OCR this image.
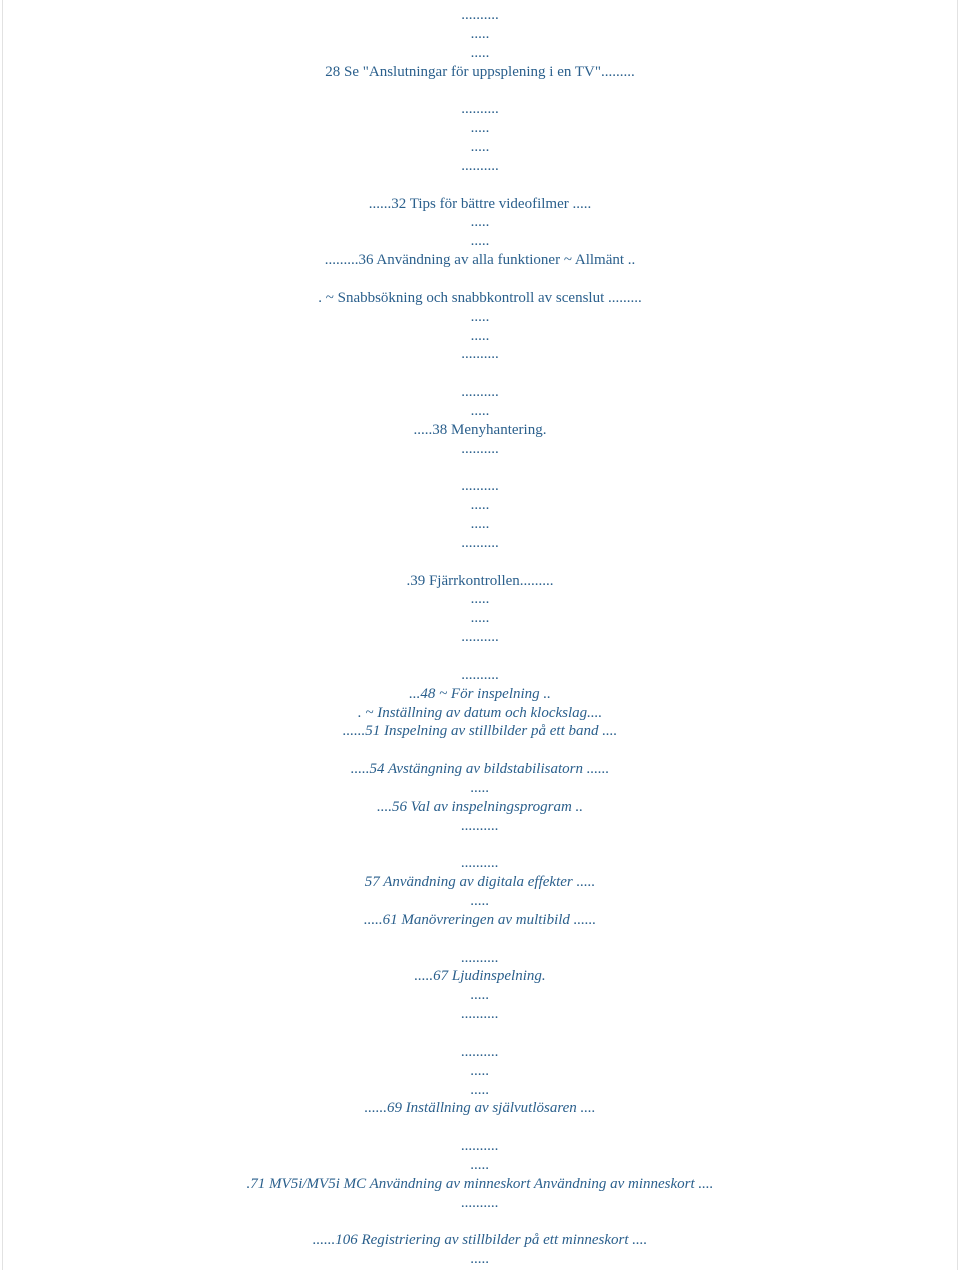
..........
.....
.....
28 Se "Anslutningar för uppsplening i en TV".........
..........
.....
.....
..........
......32 Tips för bättre videofilmer .....
.....
.....
.........36 Användning av alla funktioner ~ Allmänt ..
. ~ Snabbsökning och snabbkontroll av scenslut .........
.....
.....
..........
..........
.....
.....38 Menyhantering.
..........
..........
.....
.....
..........
.39 Fjärrkontrollen.........
.....
.....
..........
..........
...48 ~ För inspelning ..
. ~ Inställning av datum och klockslag....
......51 Inspelning av stillbilder på ett band ....
.....54 Avstängning av bildstabilisatorn ......
.....
....56 Val av inspelningsprogram ..
..........
..........
57 Användning av digitala effekter .....
.....
.....61 Manövreringen av multibild ......
..........
.....67 Ljudinspelning.
.....
..........
..........
.....
.....
......69 Inställning av självutlösaren ....
..........
.....
.71 MV5i/MV5i MC Användning av minneskort Användning av minneskort ....
..........
......106 Registriering av stillbilder på ett minneskort ....
.....
